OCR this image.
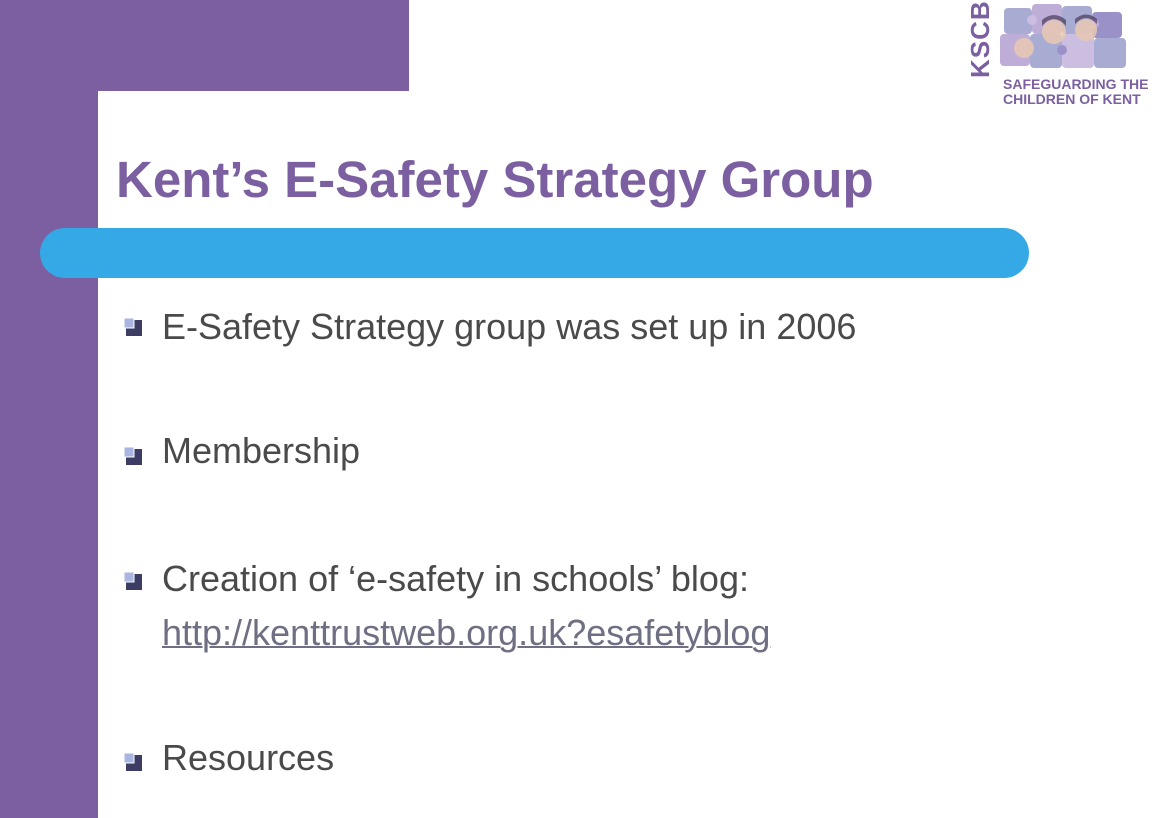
KSCB
SAFEGUARDING THE
CHILDREN OF KENT
Kent’s E-Safety Strategy Group
E-Safety Strategy group was set up in 2006
Membership
Creation of ‘e-safety in schools’ blog:
http://kenttrustweb.org.uk?esafetyblog
Resources
